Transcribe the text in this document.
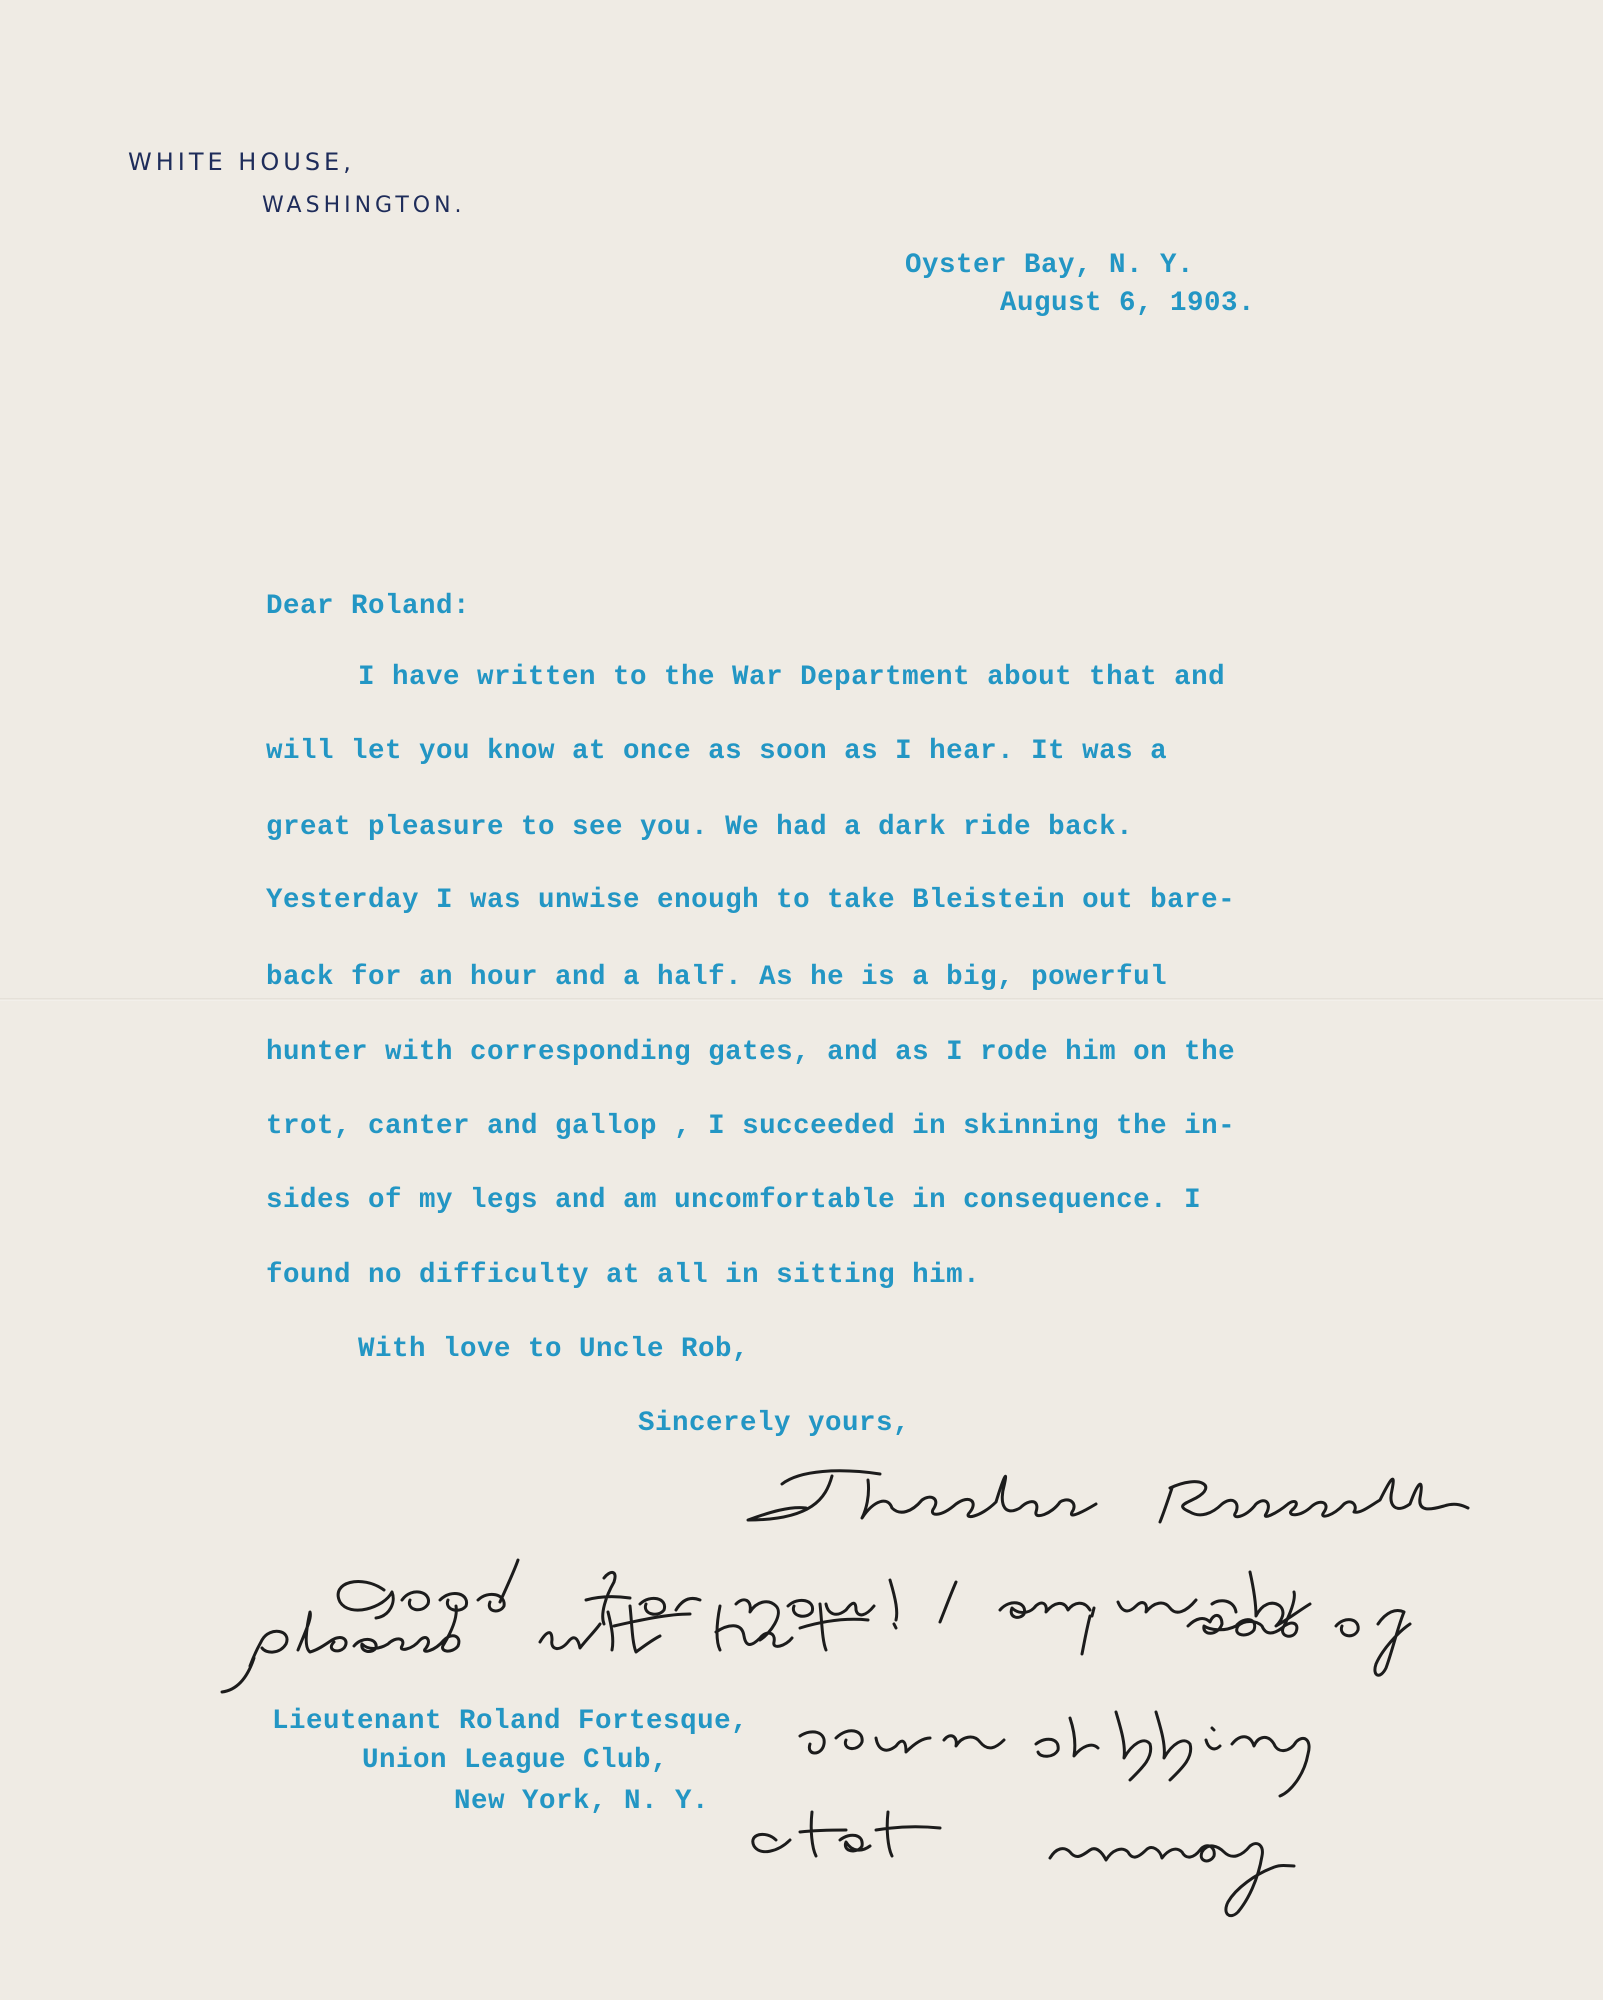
WHITE HOUSE,
WASHINGTON.
Oyster Bay, N. Y.
August 6, 1903.
Dear Roland:
I have written to the War Department about that and
will let you know at once as soon as I hear. It was a
great pleasure to see you. We had a dark ride back.
Yesterday I was unwise enough to take Bleistein out bare-
back for an hour and a half. As he is a big, powerful
hunter with corresponding gates, and as I rode him on the
trot, canter and gallop , I succeeded in skinning the in-
sides of my legs and am uncomfortable in consequence. I
found no difficulty at all in sitting him.
With love to Uncle Rob,
Sincerely yours,
Lieutenant Roland Fortesque,
Union League Club,
New York, N. Y.
